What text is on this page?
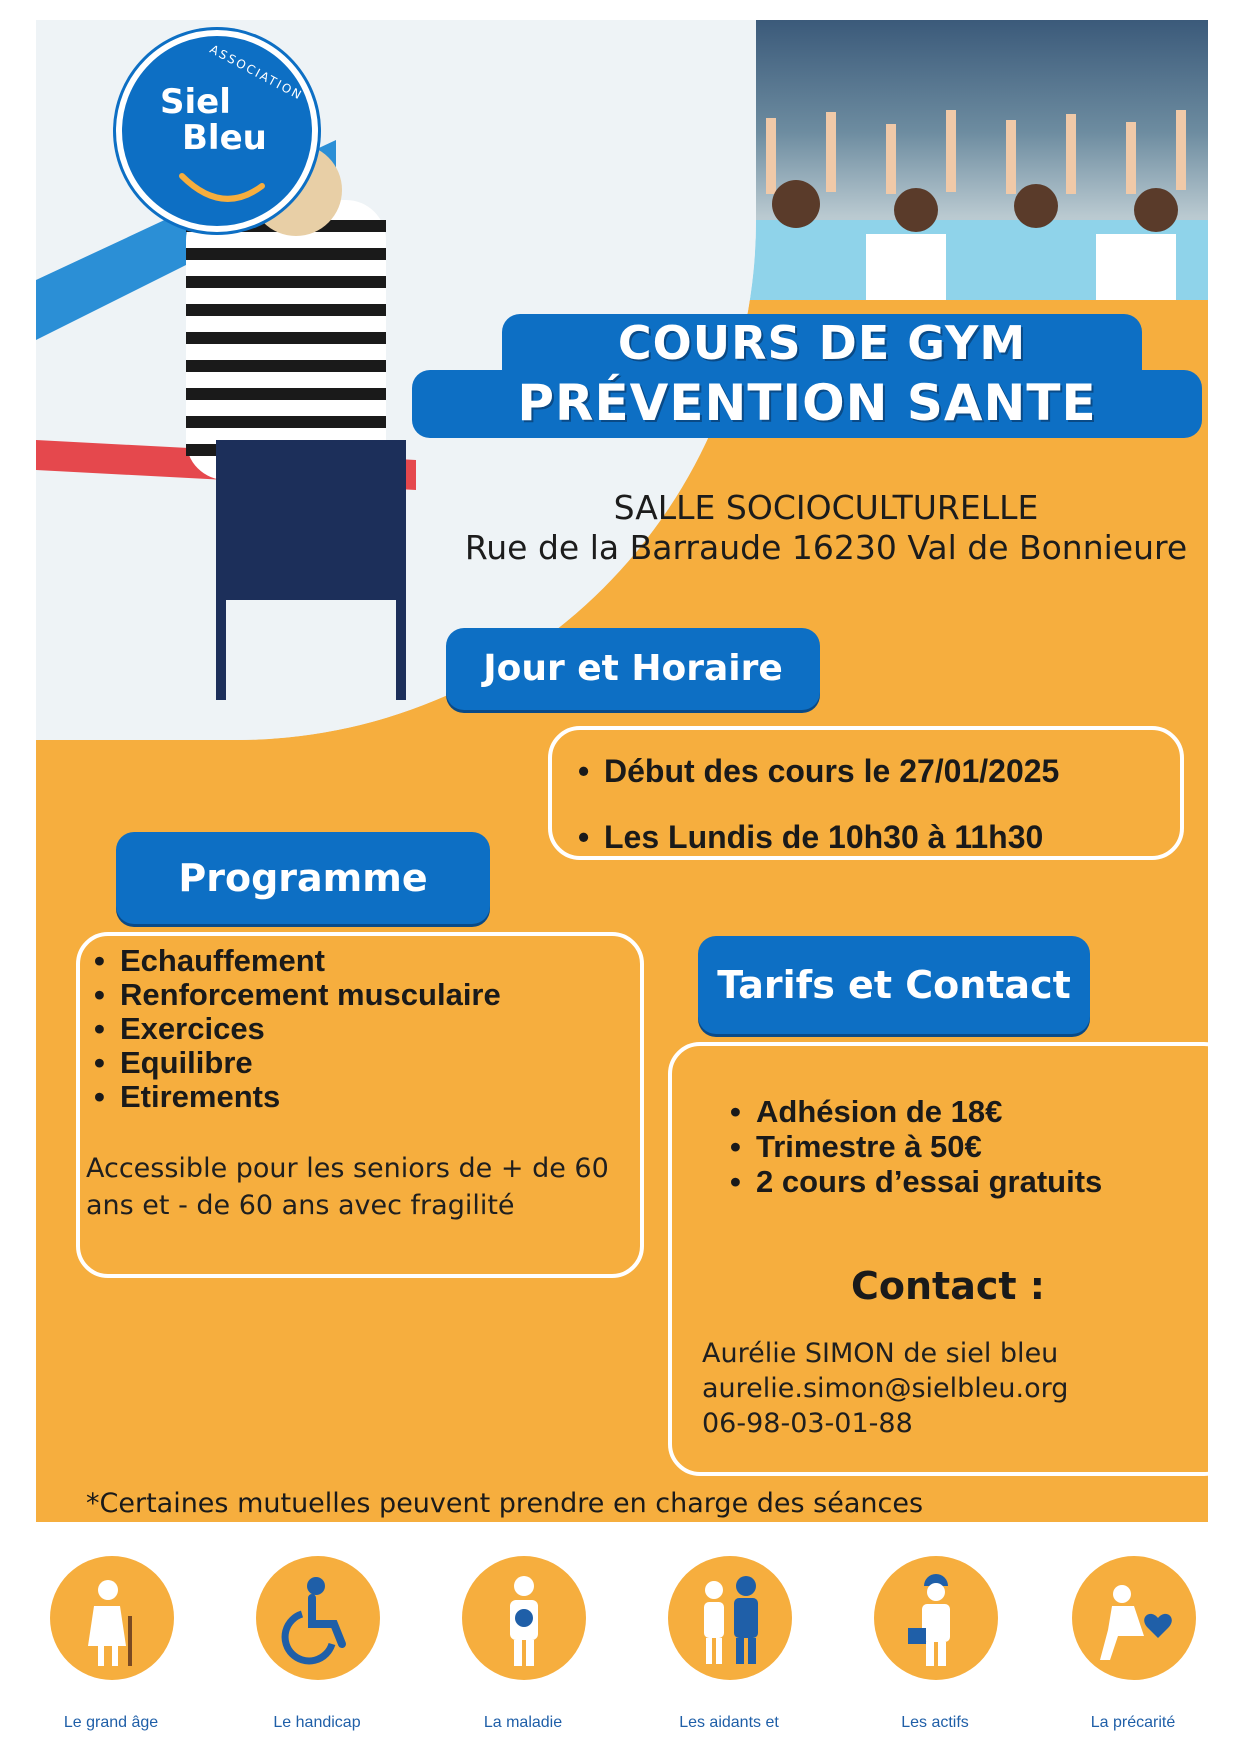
ASSOCIATION
Siel
Bleu
COURS DE GYM
PRÉVENTION SANTE
SALLE SOCIOCULTURELLE
Rue de la Barraude 16230 Val de Bonnieure
Jour et Horaire
• Début des cours le 27/01/2025
• Les Lundis de 10h30 à 11h30
Programme
• Echauffement
• Renforcement musculaire
• Exercices
• Equilibre
• Etirements
Accessible pour les seniors de + de 60 ans et - de 60 ans avec fragilité
Tarifs et Contact
• Adhésion de 18€
• Trimestre à 50€
• 2 cours d’essai gratuits
Contact :
Aurélie SIMON de siel bleu
aurelie.simon@sielbleu.org
06-98-03-01-88
*Certaines mutuelles peuvent prendre en charge des séances
Le grand âge	Le handicap	La maladie	Les aidants et	Les actifs	La précarité
